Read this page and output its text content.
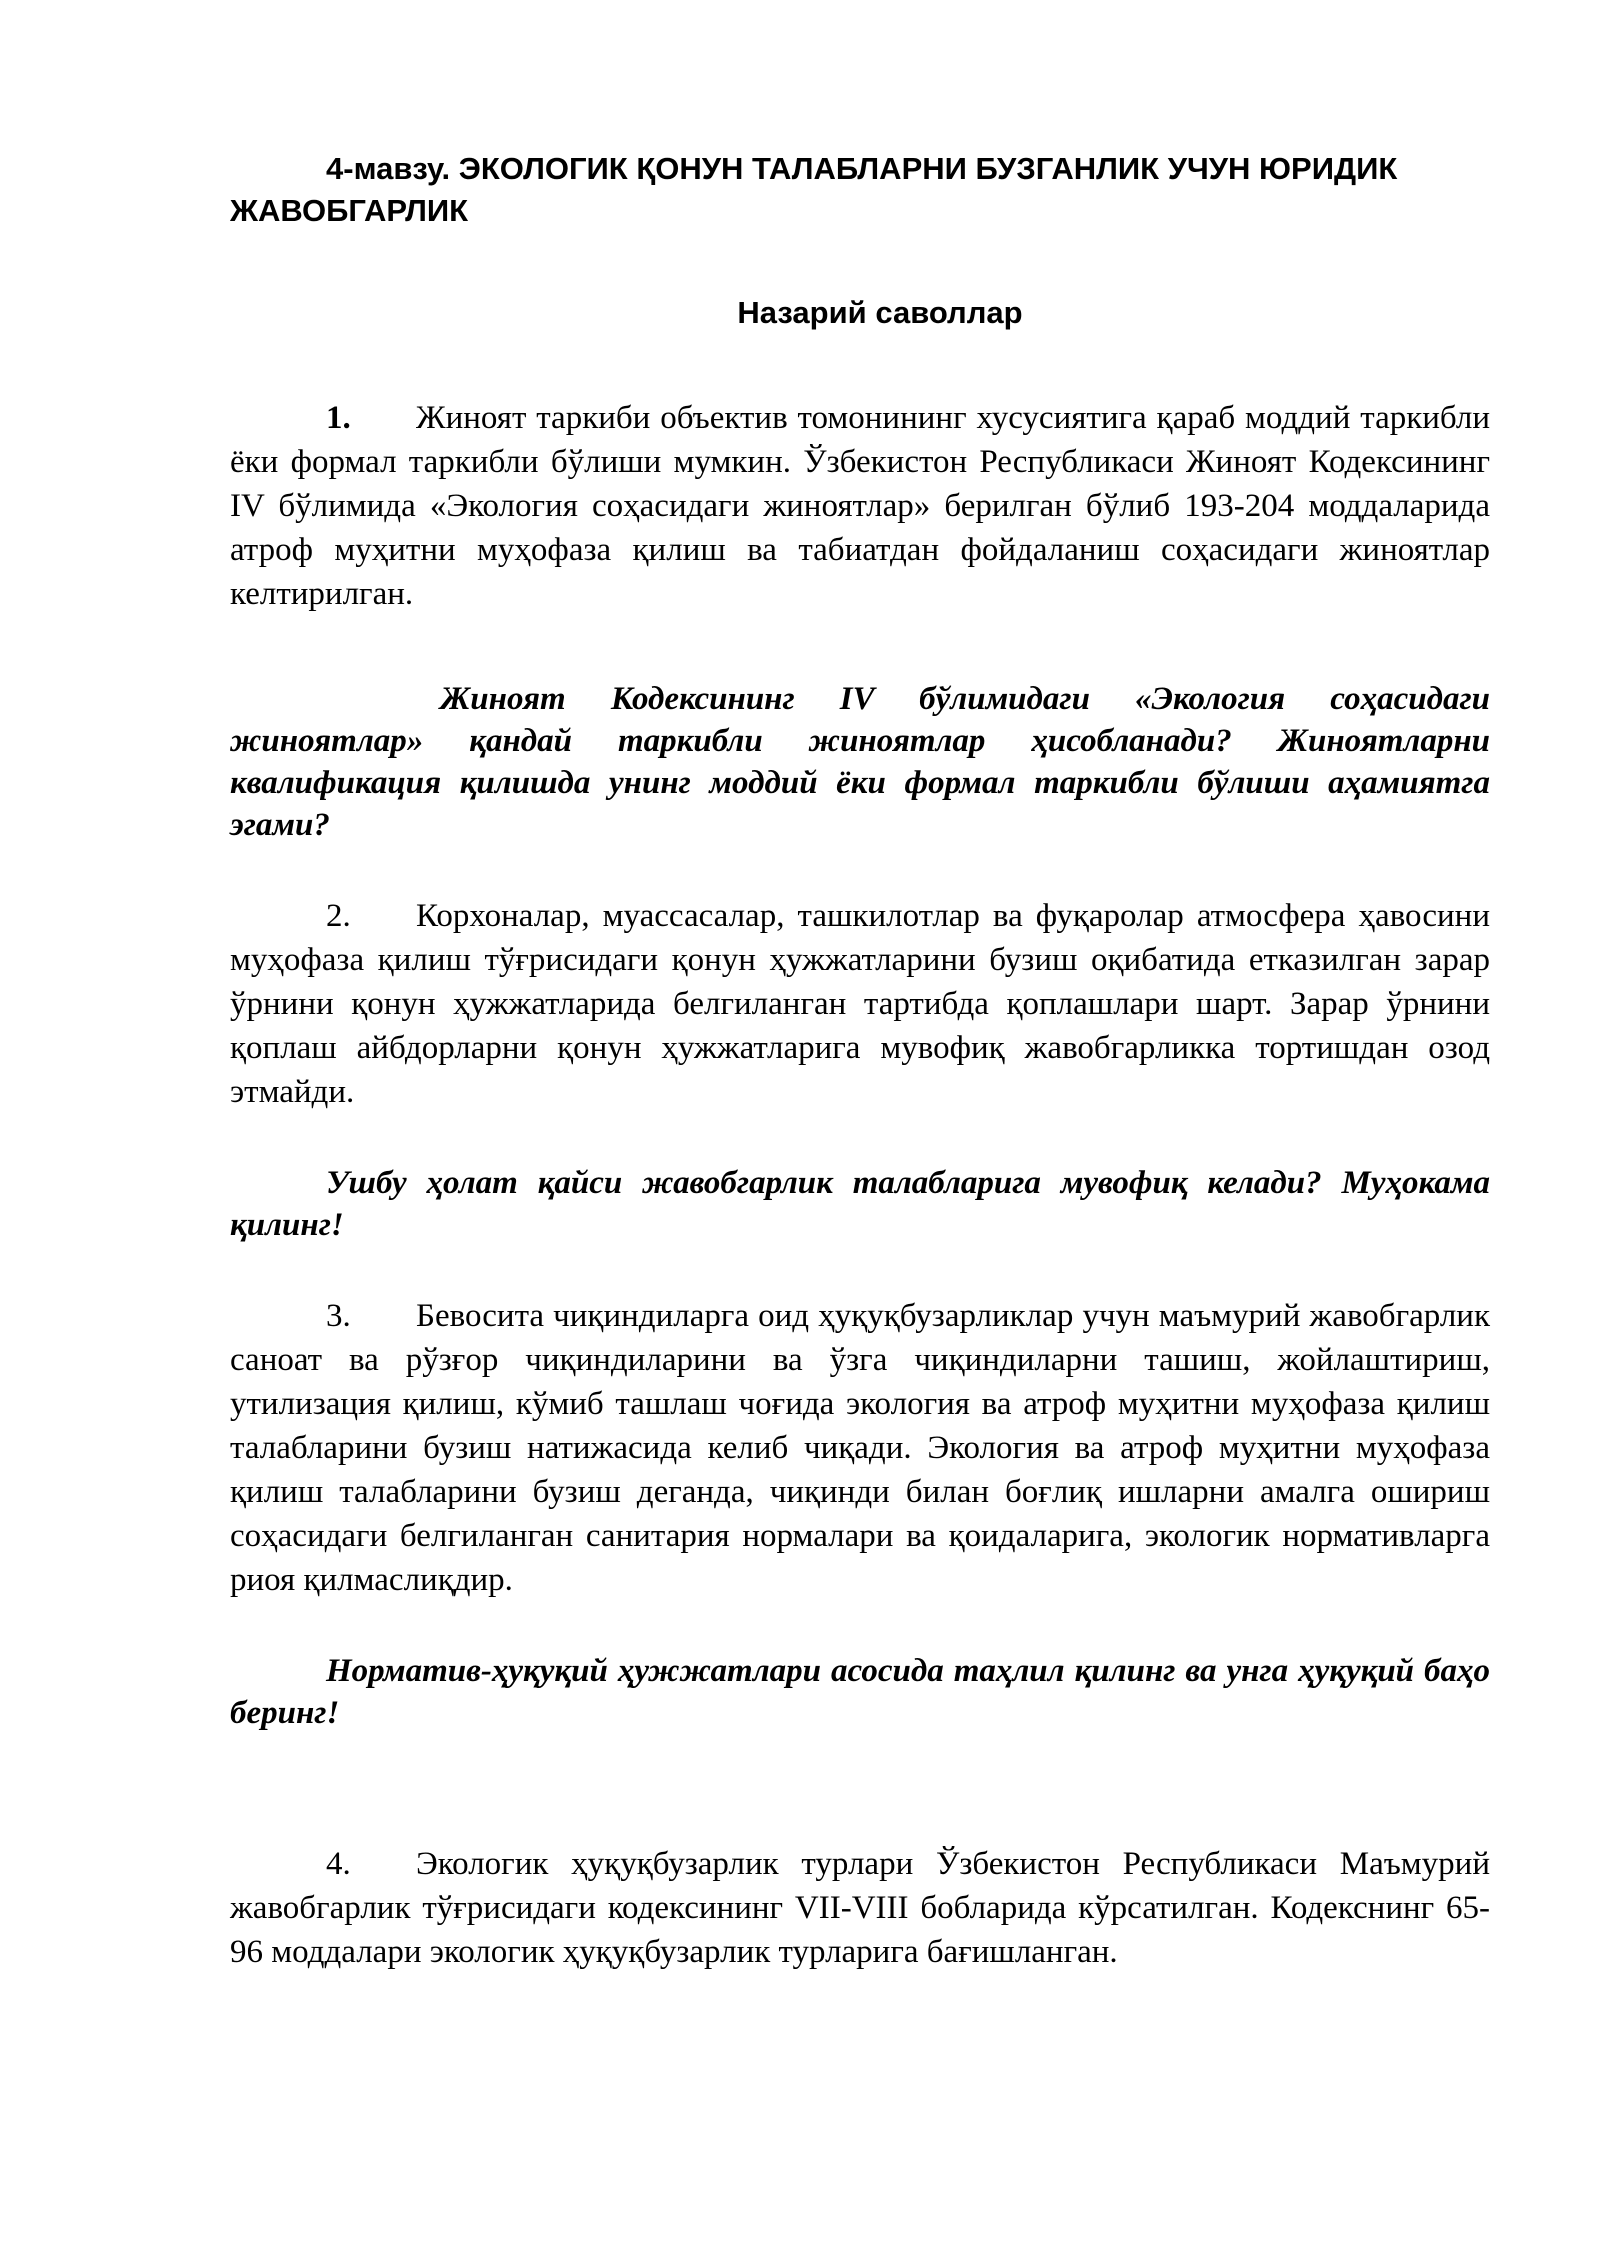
4-мавзу. ЭКОЛОГИК ҚОНУН ТАЛАБЛАРНИ БУЗГАНЛИК УЧУН ЮРИДИК ЖАВОБГАРЛИК
Назарий саволлар

1. Жиноят таркиби объектив томонининг хусусиятига қараб моддий таркибли ёки формал таркибли бўлиши мумкин. Ўзбекистон Республикаси Жиноят Кодексининг IV бўлимида «Экология соҳасидаги жиноятлар» берилган бўлиб 193-204 моддаларида атроф муҳитни муҳофаза қилиш ва табиатдан фойдаланиш соҳасидаги жиноятлар келтирилган.

Жиноят Кодексининг IV бўлимидаги «Экология соҳасидаги жиноятлар» қандай таркибли жиноятлар ҳисобланади? Жиноятларни квалификация қилишда унинг моддий ёки формал таркибли бўлиши аҳамиятга эгами?

2. Корхоналар, муассасалар, ташкилотлар ва фуқаролар атмосфера ҳавосини муҳофаза қилиш тўғрисидаги қонун ҳужжатларини бузиш оқибатида етказилган зарар ўрнини қонун ҳужжатларида белгиланган тартибда қоплашлари шарт. Зарар ўрнини қоплаш айбдорларни қонун ҳужжатларига мувофиқ жавобгарликка тортишдан озод этмайди.

Ушбу ҳолат қайси жавобгарлик талабларига мувофиқ келади? Муҳокама қилинг!

3. Бевосита чиқиндиларга оид ҳуқуқбузарликлар учун маъмурий жавобгарлик саноат ва рўзғор чиқиндиларини ва ўзга чиқиндиларни ташиш, жойлаштириш, утилизация қилиш, кўмиб ташлаш чоғида экология ва атроф муҳитни муҳофаза қилиш талабларини бузиш натижасида келиб чиқади. Экология ва атроф муҳитни муҳофаза қилиш талабларини бузиш деганда, чиқинди билан боғлиқ ишларни амалга ошириш соҳасидаги белгиланган санитария нормалари ва қоидаларига, экологик нормативларга риоя қилмаслиқдир.

Норматив-ҳуқуқий ҳужжатлари асосида таҳлил қилинг ва унга ҳуқуқий баҳо беринг!

4. Экологик ҳуқуқбузарлик турлари Ўзбекистон Республикаси Маъмурий жавобгарлик тўғрисидаги кодексининг VII-VIII бобларида кўрсатилган. Кодекснинг 65-96 моддалари экологик ҳуқуқбузарлик турларига бағишланган.
